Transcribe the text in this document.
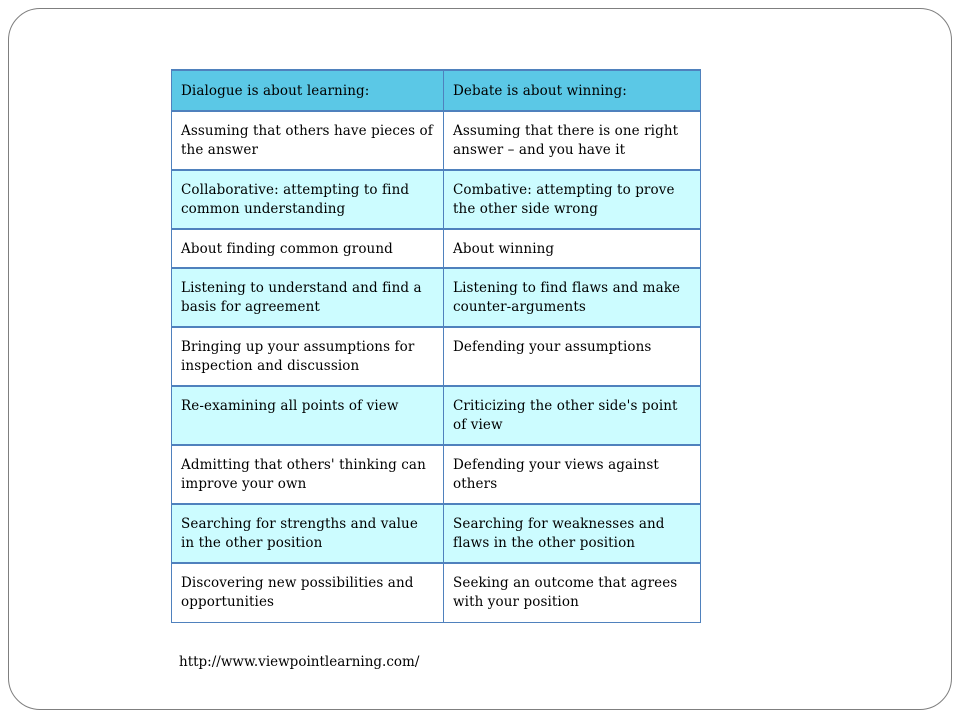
Dialogue is about learning:	Debate is about winning:

Assuming that others have pieces of the answer	Assuming that there is one right answer – and you have it

Collaborative: attempting to find common understanding	Combative: attempting to prove the other side wrong

About finding common ground	About winning

Listening to understand and find a basis for agreement	Listening to find flaws and make counter-arguments

Bringing up your assumptions for inspection and discussion	Defending your assumptions

Re-examining all points of view	Criticizing the other side's point of view

Admitting that others' thinking can improve your own	Defending your views against others

Searching for strengths and value in the other position	Searching for weaknesses and flaws in the other position

Discovering new possibilities and opportunities	Seeking an outcome that agrees with your position
http://www.viewpointlearning.com/
